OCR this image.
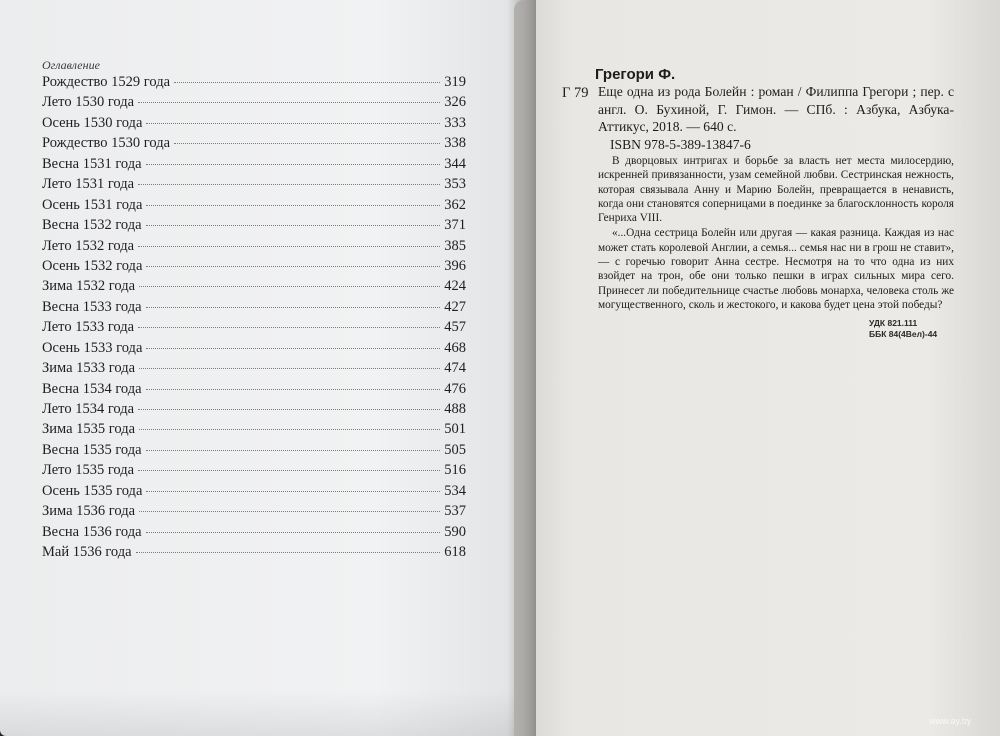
Оглавление
Рождество 1529 года	319
Лето 1530 года	326
Осень 1530 года	333
Рождество 1530 года	338
Весна 1531 года	344
Лето 1531 года	353
Осень 1531 года	362
Весна 1532 года	371
Лето 1532 года	385
Осень 1532 года	396
Зима 1532 года	424
Весна 1533 года	427
Лето 1533 года	457
Осень 1533 года	468
Зима 1533 года	474
Весна 1534 года	476
Лето 1534 года	488
Зима 1535 года	501
Весна 1535 года	505
Лето 1535 года	516
Осень 1535 года	534
Зима 1536 года	537
Весна 1536 года	590
Май 1536 года	618
Грегори Ф.
Г 79 Еще одна из рода Болейн : роман / Филиппа Грегори ; пер. с англ. О. Бухиной, Г. Гимон. — СПб. : Азбука, Азбука-Аттикус, 2018. — 640 с.

ISBN 978-5-389-13847-6

В дворцовых интригах и борьбе за власть нет места милосердию, искренней привязанности, узам семейной любви. Сестринская нежность, которая связывала Анну и Марию Болейн, превращается в ненависть, когда они становятся соперницами в поединке за благосклонность короля Генриха VIII.

«...Одна сестрица Болейн или другая — какая разница. Каждая из нас может стать королевой Англии, а семья... семья нас ни в грош не ставит», — с горечью говорит Анна сестре. Несмотря на то что одна из них взойдет на трон, обе они только пешки в играх сильных мира сего. Принесет ли победительнице счастье любовь монарха, человека столь же могущественного, сколь и жестокого, и какова будет цена этой победы?

УДК 821.111
ББК 84(4Вел)-44
www.ay.by
